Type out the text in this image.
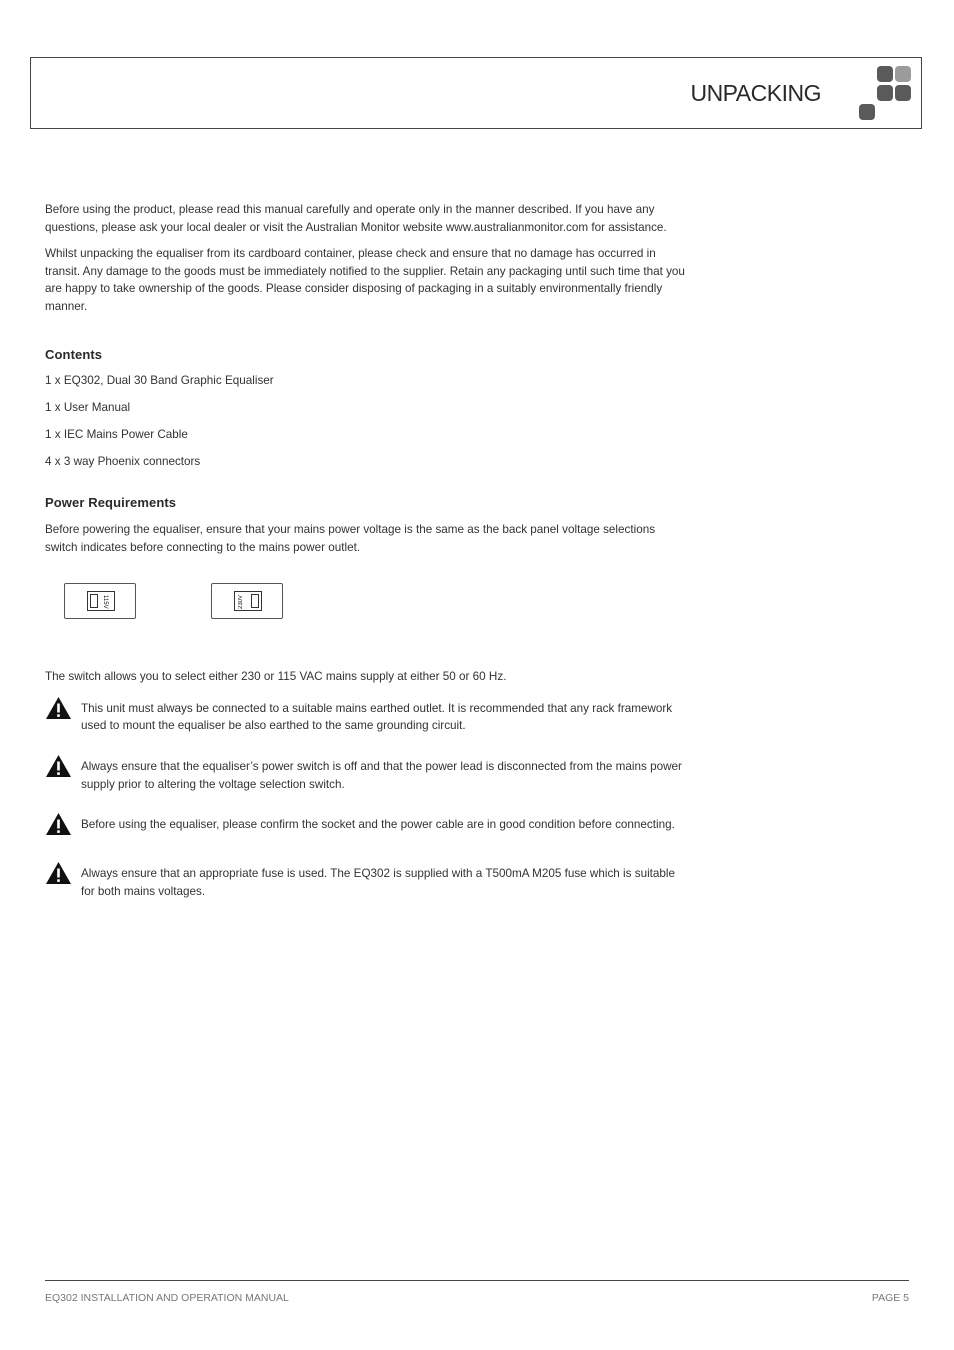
UNPACKING

Before using the product, please read this manual carefully and operate only in the manner described. If you have any questions, please ask your local dealer or visit the Australian Monitor website www.australianmonitor.com for assistance.

Whilst unpacking the equaliser from its cardboard container, please check and ensure that no damage has occurred in transit. Any damage to the goods must be immediately notified to the supplier. Retain any packaging until such time that you are happy to take ownership of the goods. Please consider disposing of packaging in a suitably environmentally friendly manner.

Contents
1 x EQ302, Dual 30 Band Graphic Equaliser
1 x User Manual
1 x IEC Mains Power Cable
4 x 3 way Phoenix connectors
Power Requirements

Before powering the equaliser, ensure that your mains power voltage is the same as the back panel voltage selections switch indicates before connecting to the mains power outlet.

115V	230V

The switch allows you to select either 230 or 115 VAC mains supply at either 50 or 60 Hz.

This unit must always be connected to a suitable mains earthed outlet. It is recommended that any rack framework used to mount the equaliser be also earthed to the same grounding circuit.
Always ensure that the equaliser’s power switch is off and that the power lead is disconnected from the mains power supply prior to altering the voltage selection switch.
Before using the equaliser, please confirm the socket and the power cable are in good condition before connecting.
Always ensure that an appropriate fuse is used. The EQ302 is supplied with a T500mA M205 fuse which is suitable for both mains voltages.
EQ302 INSTALLATION AND OPERATION MANUAL	PAGE 5
